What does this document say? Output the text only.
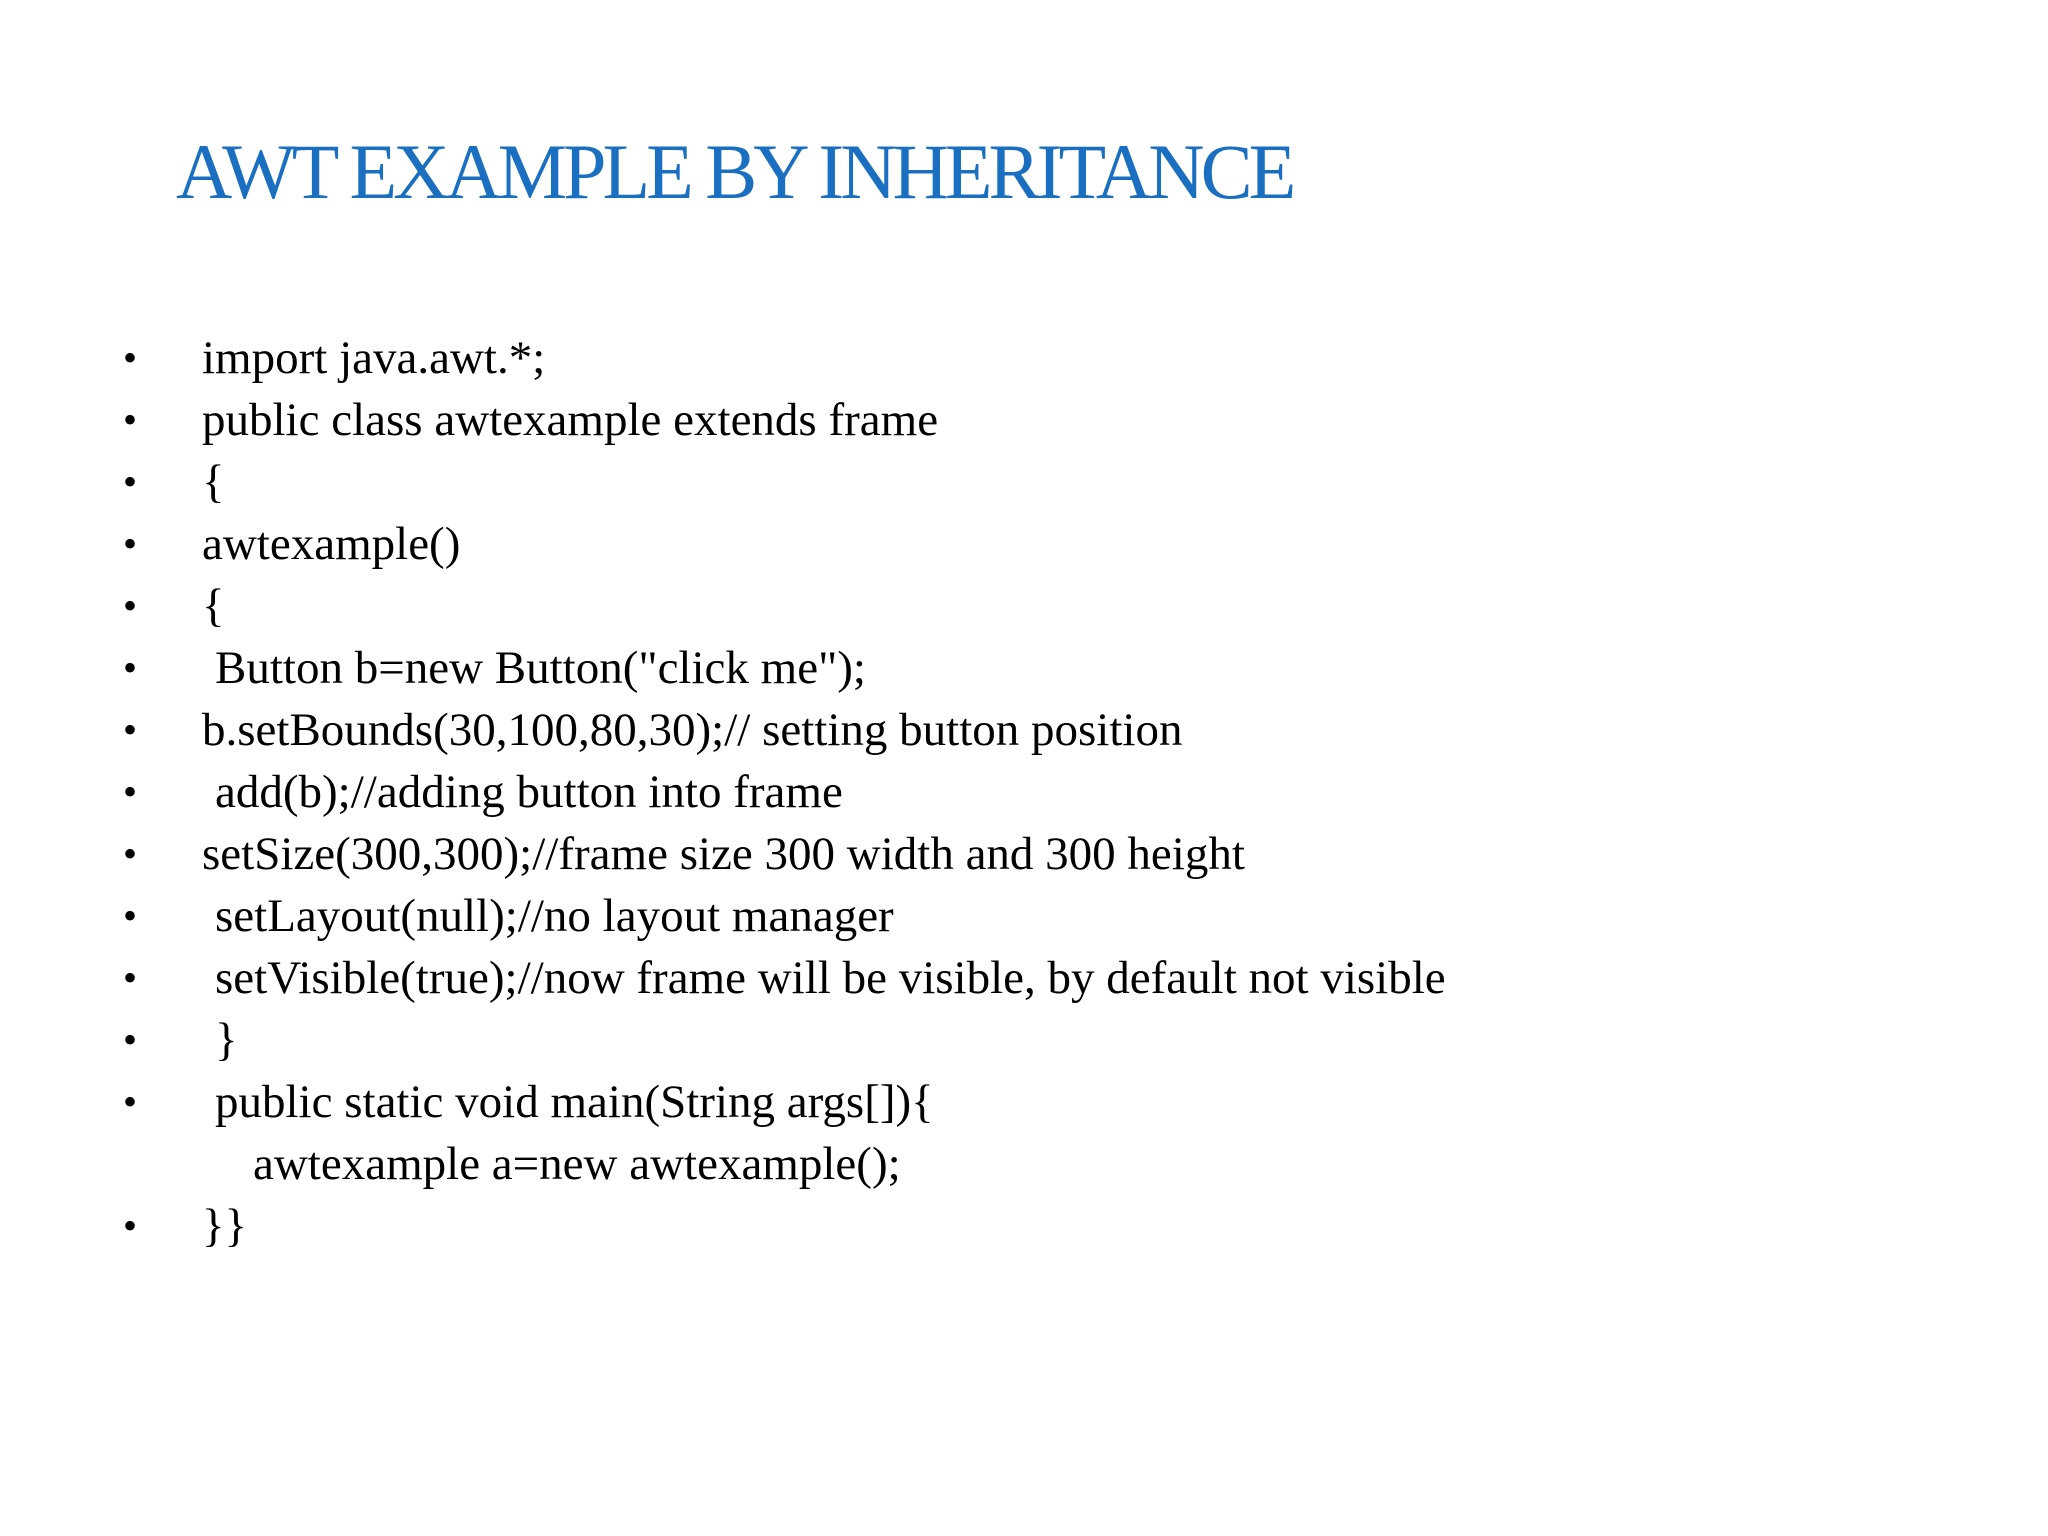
AWT EXAMPLE BY INHERITANCE

•

import java.awt.*;

•

public class awtexample extends frame

•

{

•

awtexample()

•

{

•

Button b=new Button("click me");

•

b.setBounds(30,100,80,30);// setting button position

•

add(b);//adding button into frame

•

setSize(300,300);//frame size 300 width and 300 height

•

setLayout(null);//no layout manager

•

setVisible(true);//now frame will be visible, by default not visible

•

}

•

public static void main(String args[]){

awtexample a=new awtexample();

•

}}
